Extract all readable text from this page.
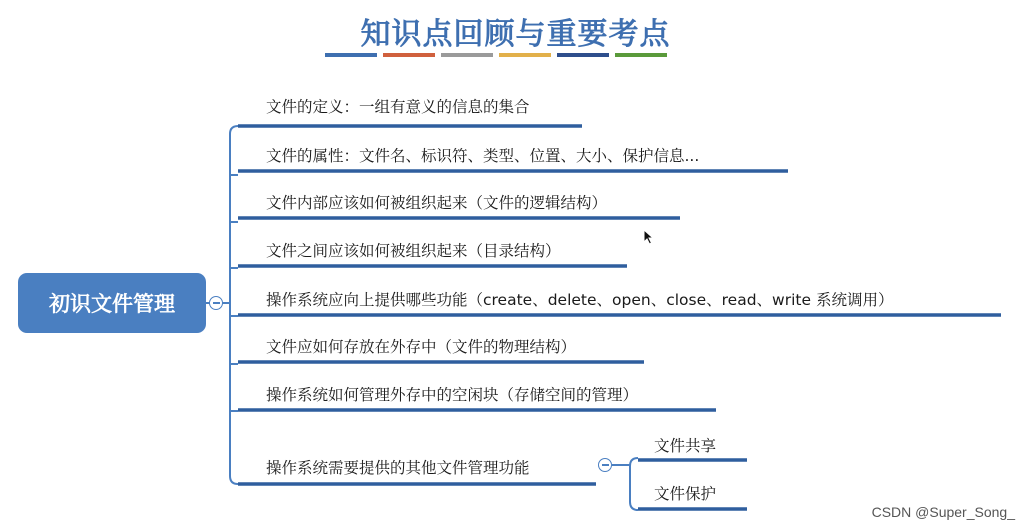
知识点回顾与重要考点
初识文件管理
文件的定义：一组有意义的信息的集合
文件的属性：文件名、标识符、类型、位置、大小、保护信息...
文件内部应该如何被组织起来（文件的逻辑结构）
文件之间应该如何被组织起来（目录结构）
操作系统应向上提供哪些功能（create、delete、open、close、read、write 系统调用）
文件应如何存放在外存中（文件的物理结构）
操作系统如何管理外存中的空闲块（存储空间的管理）
操作系统需要提供的其他文件管理功能
文件共享
文件保护
CSDN @Super_Song_
